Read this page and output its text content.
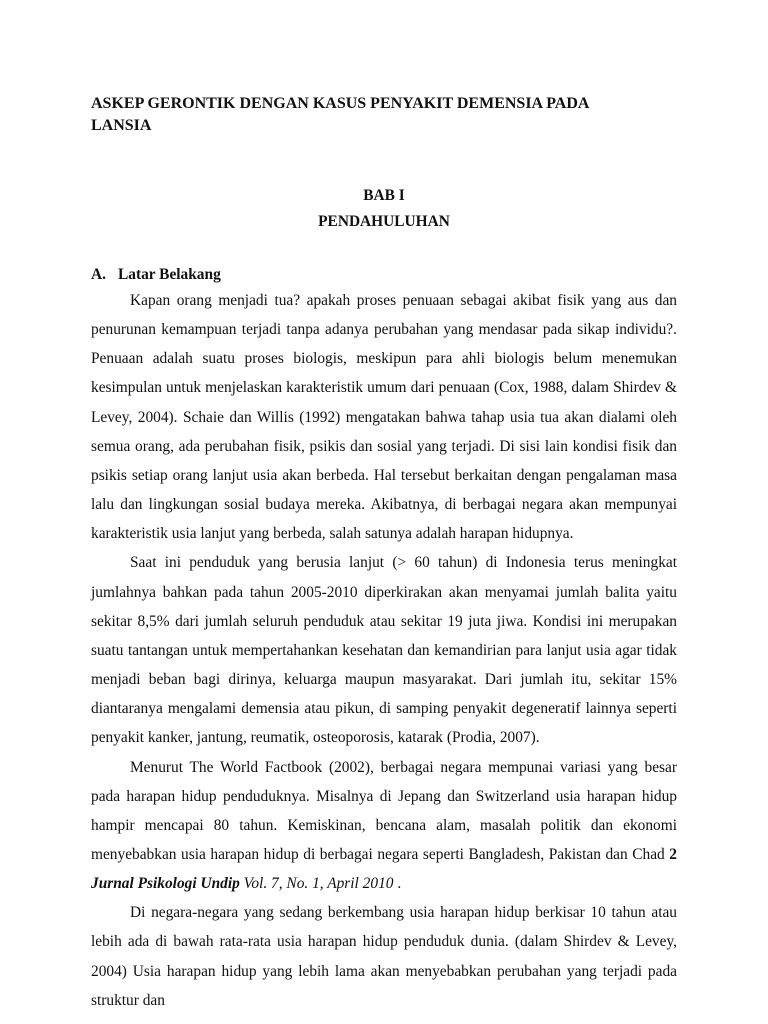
ASKEP GERONTIK DENGAN KASUS PENYAKIT DEMENSIA PADA LANSIA
BAB I
PENDAHULUHAN
A. Latar Belakang

Kapan orang menjadi tua? apakah proses penuaan sebagai akibat fisik yang aus dan penurunan kemampuan terjadi tanpa adanya perubahan yang mendasar pada sikap individu?. Penuaan adalah suatu proses biologis, meskipun para ahli biologis belum menemukan kesimpulan untuk menjelaskan karakteristik umum dari penuaan (Cox, 1988, dalam Shirdev & Levey, 2004). Schaie dan Willis (1992) mengatakan bahwa tahap usia tua akan dialami oleh semua orang, ada perubahan fisik, psikis dan sosial yang terjadi. Di sisi lain kondisi fisik dan psikis setiap orang lanjut usia akan berbeda. Hal tersebut berkaitan dengan pengalaman masa lalu dan lingkungan sosial budaya mereka. Akibatnya, di berbagai negara akan mempunyai karakteristik usia lanjut yang berbeda, salah satunya adalah harapan hidupnya.

Saat ini penduduk yang berusia lanjut (> 60 tahun) di Indonesia terus meningkat jumlahnya bahkan pada tahun 2005-2010 diperkirakan akan menyamai jumlah balita yaitu sekitar 8,5% dari jumlah seluruh penduduk atau sekitar 19 juta jiwa. Kondisi ini merupakan suatu tantangan untuk mempertahankan kesehatan dan kemandirian para lanjut usia agar tidak menjadi beban bagi dirinya, keluarga maupun masyarakat. Dari jumlah itu, sekitar 15% diantaranya mengalami demensia atau pikun, di samping penyakit degeneratif lainnya seperti penyakit kanker, jantung, reumatik, osteoporosis, katarak (Prodia, 2007).

Menurut The World Factbook (2002), berbagai negara mempunai variasi yang besar pada harapan hidup penduduknya. Misalnya di Jepang dan Switzerland usia harapan hidup hampir mencapai 80 tahun. Kemiskinan, bencana alam, masalah politik dan ekonomi menyebabkan usia harapan hidup di berbagai negara seperti Bangladesh, Pakistan dan Chad 2 Jurnal Psikologi Undip Vol. 7, No. 1, April 2010 .

Di negara-negara yang sedang berkembang usia harapan hidup berkisar 10 tahun atau lebih ada di bawah rata-rata usia harapan hidup penduduk dunia. (dalam Shirdev & Levey, 2004) Usia harapan hidup yang lebih lama akan menyebabkan perubahan yang terjadi pada struktur dan
